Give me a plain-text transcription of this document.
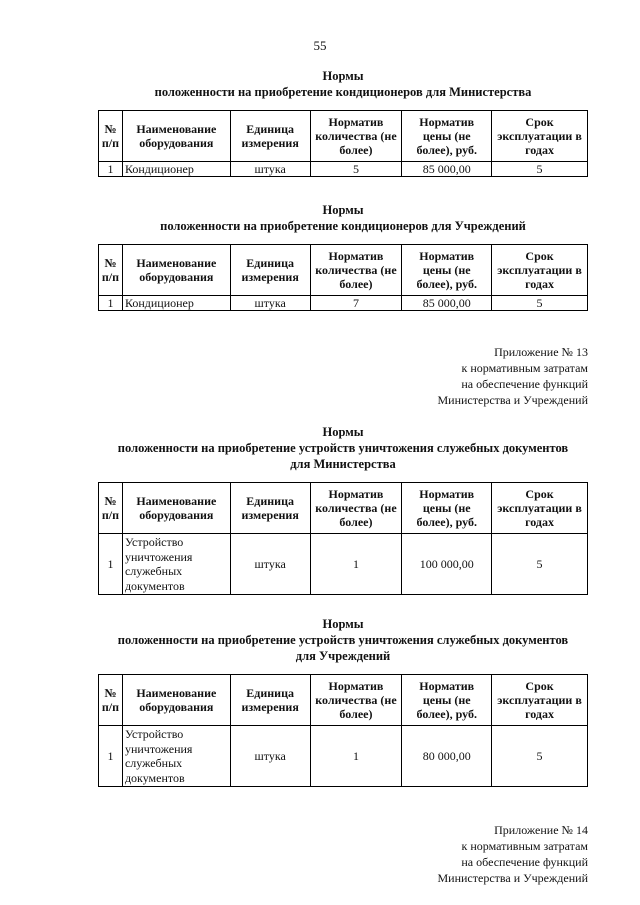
55
Нормы
положенности на приобретение кондиционеров для Министерства
№ п/п	Наименование оборудования	Единица измерения	Норматив количества (не более)	Норматив цены (не более), руб.	Срок эксплуатации в годах
1	Кондиционер	штука	5	85 000,00	5
Нормы
положенности на приобретение кондиционеров для Учреждений
№ п/п	Наименование оборудования	Единица измерения	Норматив количества (не более)	Норматив цены (не более), руб.	Срок эксплуатации в годах
1	Кондиционер	штука	7	85 000,00	5
Приложение № 13
к нормативным затратам
на обеспечение функций
Министерства и Учреждений
Нормы
положенности на приобретение устройств уничтожения служебных документов
для Министерства
№ п/п	Наименование оборудования	Единица измерения	Норматив количества (не более)	Норматив цены (не более), руб.	Срок эксплуатации в годах
1	Устройство уничтожения служебных документов	штука	1	100 000,00	5
Нормы
положенности на приобретение устройств уничтожения служебных документов
для Учреждений
№ п/п	Наименование оборудования	Единица измерения	Норматив количества (не более)	Норматив цены (не более), руб.	Срок эксплуатации в годах
1	Устройство уничтожения служебных документов	штука	1	80 000,00	5
Приложение № 14
к нормативным затратам
на обеспечение функций
Министерства и Учреждений
